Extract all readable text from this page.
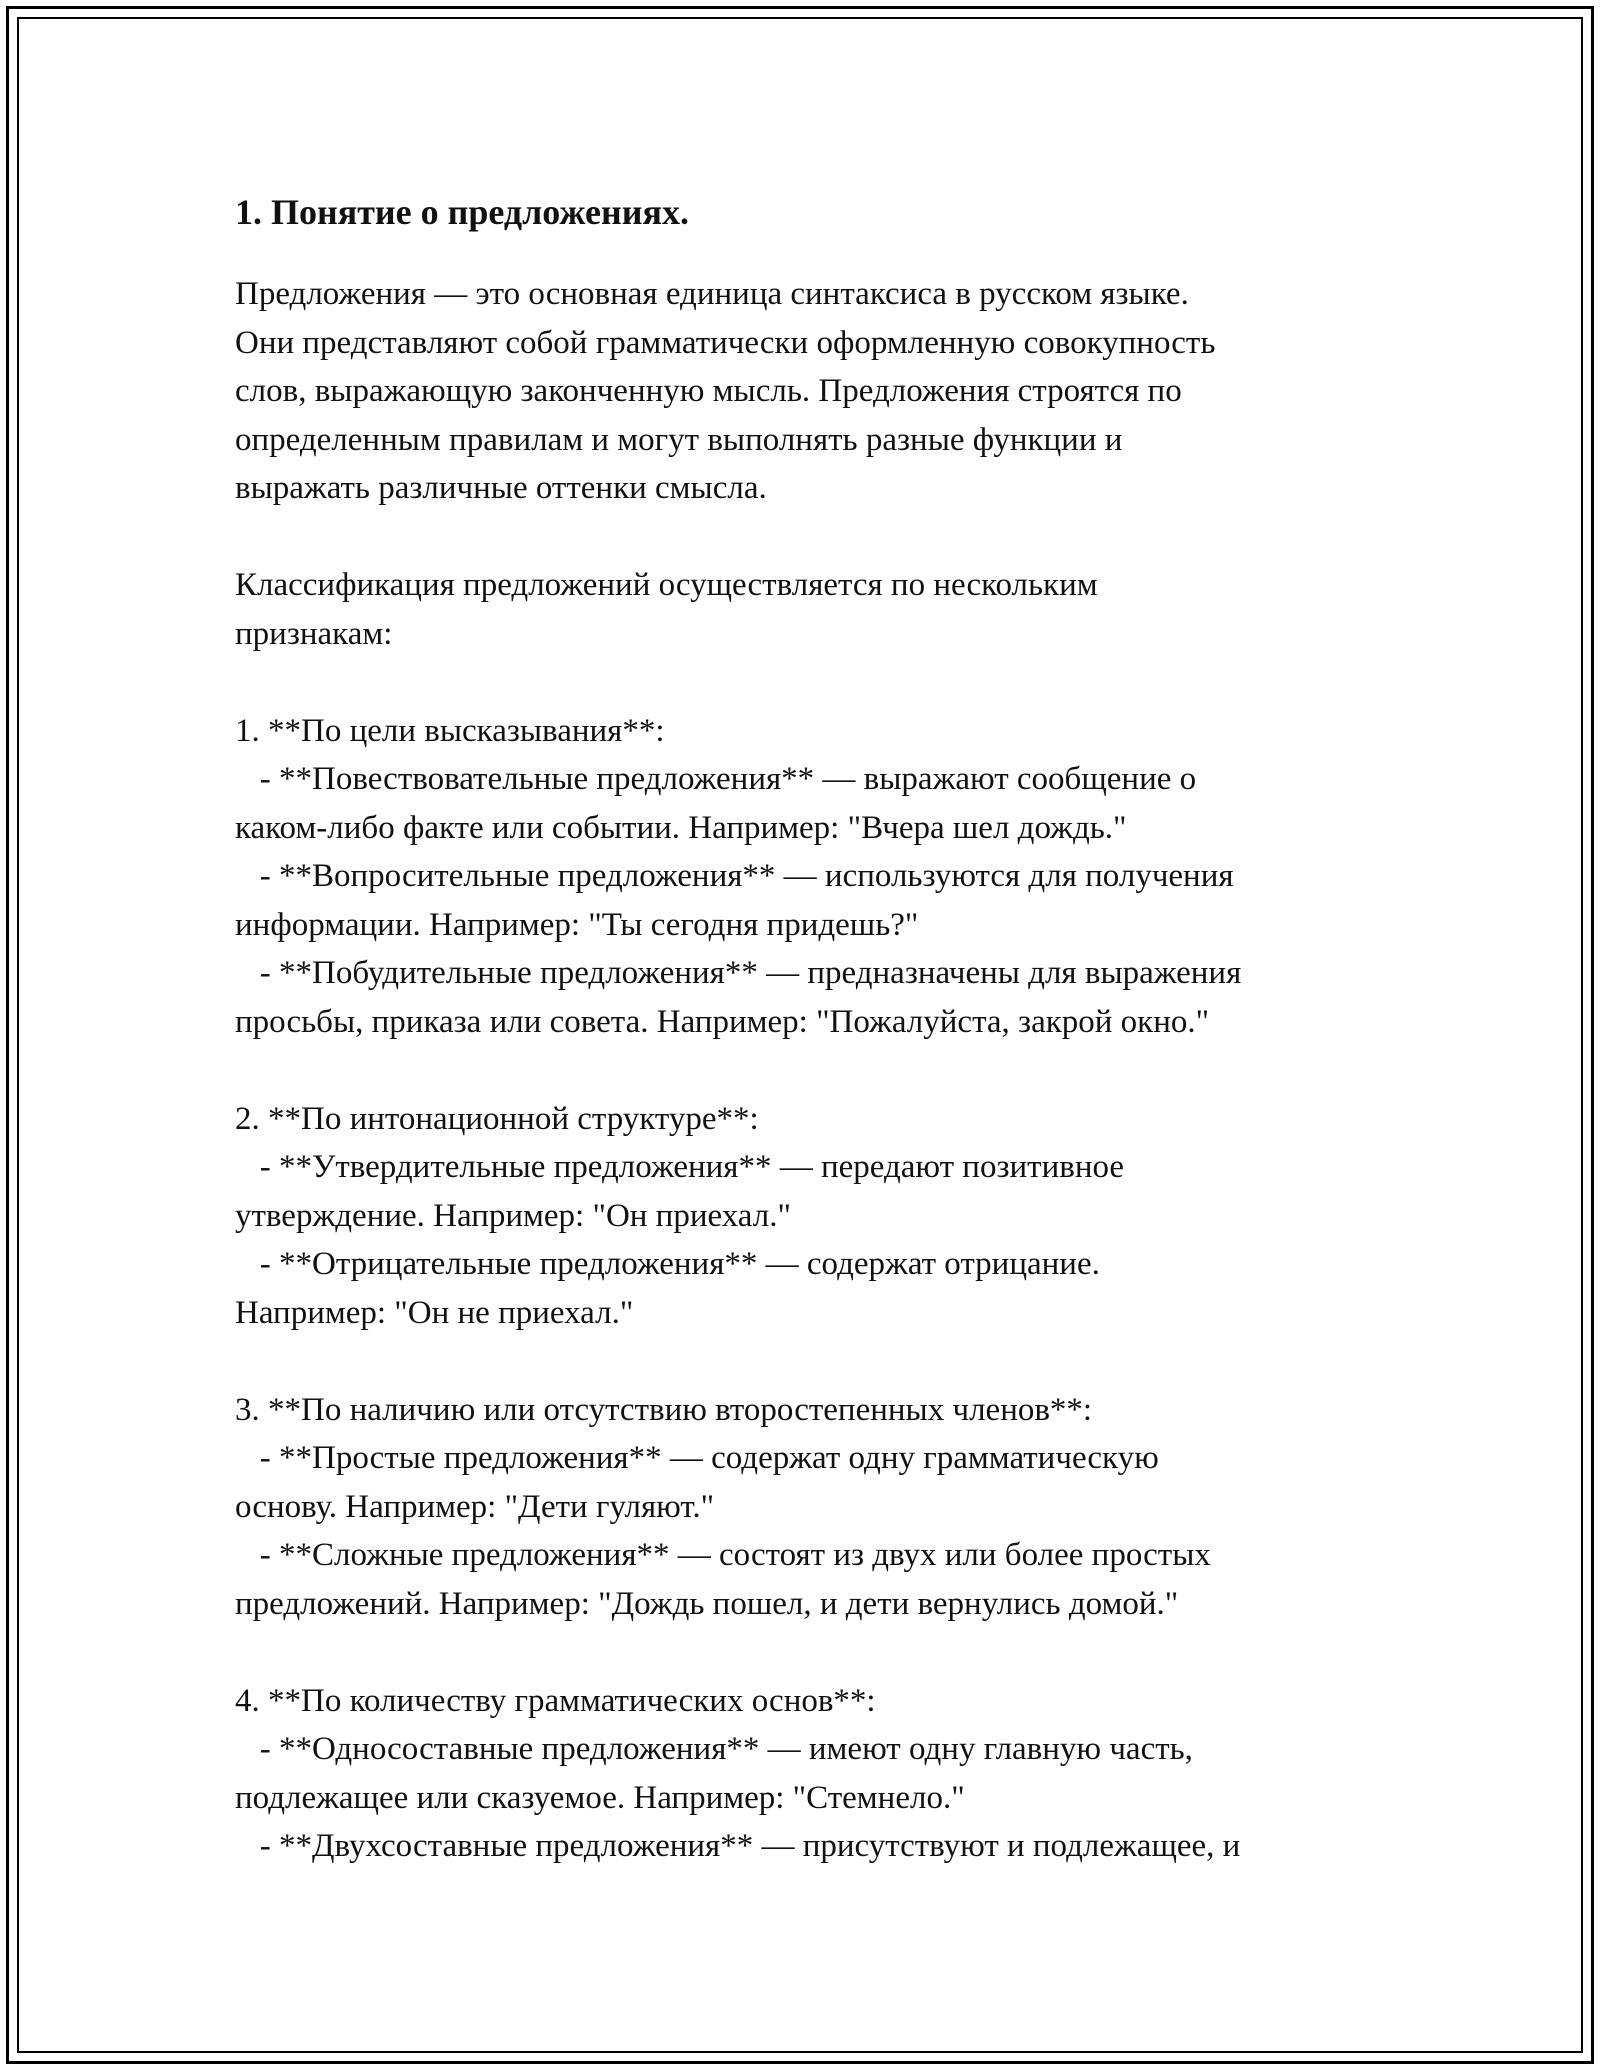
1. Понятие о предложениях.
Предложения — это основная единица синтаксиса в русском языке.
Они представляют собой грамматически оформленную совокупность
слов, выражающую законченную мысль. Предложения строятся по
определенным правилам и могут выполнять разные функции и
выражать различные оттенки смысла.
Классификация предложений осуществляется по нескольким
признакам:
1. **По цели высказывания**:
- **Повествовательные предложения** — выражают сообщение о
каком-либо факте или событии. Например: "Вчера шел дождь."
- **Вопросительные предложения** — используются для получения
информации. Например: "Ты сегодня придешь?"
- **Побудительные предложения** — предназначены для выражения
просьбы, приказа или совета. Например: "Пожалуйста, закрой окно."
2. **По интонационной структуре**:
- **Утвердительные предложения** — передают позитивное
утверждение. Например: "Он приехал."
- **Отрицательные предложения** — содержат отрицание.
Например: "Он не приехал."
3. **По наличию или отсутствию второстепенных членов**:
- **Простые предложения** — содержат одну грамматическую
основу. Например: "Дети гуляют."
- **Сложные предложения** — состоят из двух или более простых
предложений. Например: "Дождь пошел, и дети вернулись домой."
4. **По количеству грамматических основ**:
- **Односоставные предложения** — имеют одну главную часть,
подлежащее или сказуемое. Например: "Стемнело."
- **Двухсоставные предложения** — присутствуют и подлежащее, и
